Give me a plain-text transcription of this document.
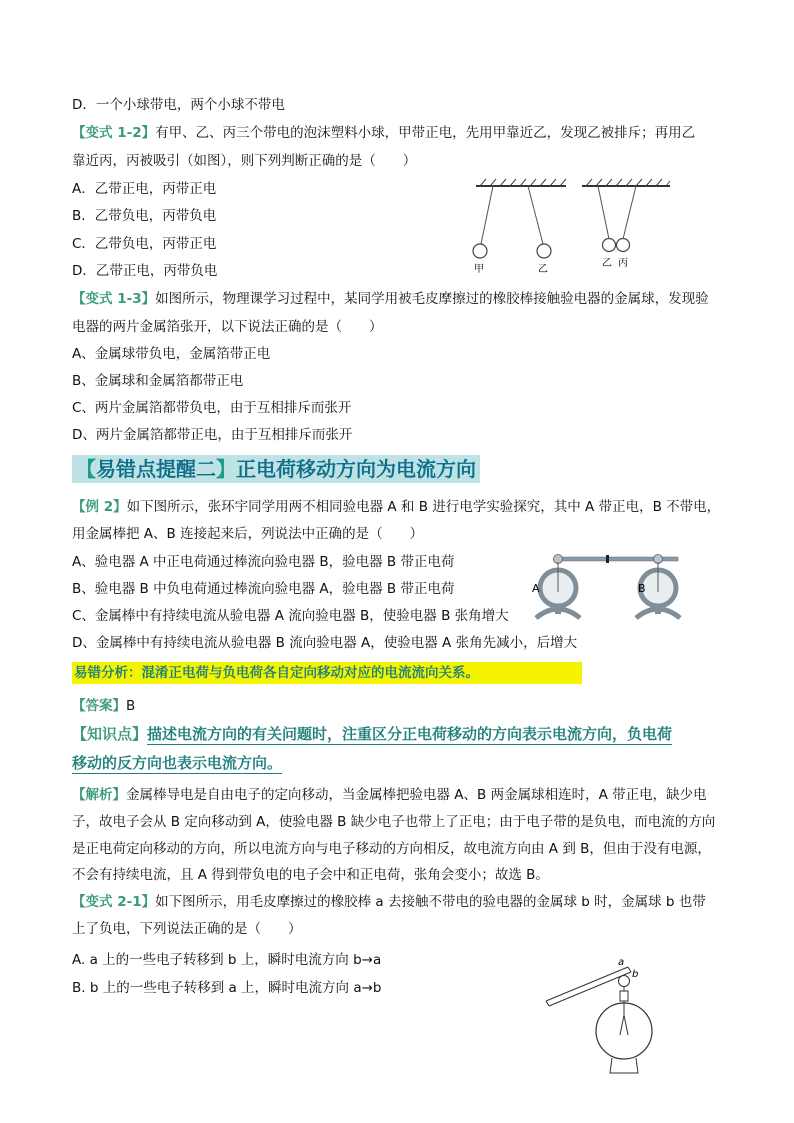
D．一个小球带电，两个小球不带电
【变式 1-2】有甲、乙、丙三个带电的泡沫塑料小球，甲带正电，先用甲靠近乙，发现乙被排斥；再用乙
靠近丙，丙被吸引（如图），则下列判断正确的是（　　）
A．乙带正电，丙带正电
B．乙带负电，丙带负电
C．乙带负电，丙带正电
D．乙带正电，丙带负电	甲	乙
乙 丙
【变式 1-3】如图所示，物理课学习过程中，某同学用被毛皮摩擦过的橡胶棒接触验电器的金属球，发现验
电器的两片金属箔张开，以下说法正确的是（　　）
A、金属球带负电，金属箔带正电
B、金属球和金属箔都带正电
C、两片金属箔都带负电，由于互相排斥而张开
D、两片金属箔都带正电，由于互相排斥而张开
【易错点提醒二】正电荷移动方向为电流方向
【例 2】如下图所示，张环宇同学用两不相同验电器 A 和 B 进行电学实验探究，其中 A 带正电，B 不带电，
用金属棒把 A、B 连接起来后，列说法中正确的是（　　）
A、验电器 A 中正电荷通过棒流向验电器 B，验电器 B 带正电荷
B、验电器 B 中负电荷通过棒流向验电器 A，验电器 B 带正电荷
C、金属棒中有持续电流从验电器 A 流向验电器 B，使验电器 B 张角增大
D、金属棒中有持续电流从验电器 B 流向验电器 A，使验电器 A 张角先减小，后增大
A	B
易错分析：混淆正电荷与负电荷各自定向移动对应的电流流向关系。
【答案】B
【知识点】描述电流方向的有关问题时，注重区分正电荷移动的方向表示电流方向，负电荷
移动的反方向也表示电流方向。
【解析】金属棒导电是自由电子的定向移动，当金属棒把验电器 A、B 两金属球相连时，A 带正电，缺少电
子，故电子会从 B 定向移动到 A，使验电器 B 缺少电子也带上了正电；由于电子带的是负电，而电流的方向
是正电荷定向移动的方向，所以电流方向与电子移动的方向相反，故电流方向由 A 到 B，但由于没有电源，
不会有持续电流，且 A 得到带负电的电子会中和正电荷，张角会变小；故选 B。
【变式 2-1】如下图所示，用毛皮摩擦过的橡胶棒 a 去接触不带电的验电器的金属球 b 时，金属球 b 也带
上了负电，下列说法正确的是（　　）
A. a 上的一些电子转移到 b 上，瞬时电流方向 b→a
B. b 上的一些电子转移到 a 上，瞬时电流方向 a→b
a
b
